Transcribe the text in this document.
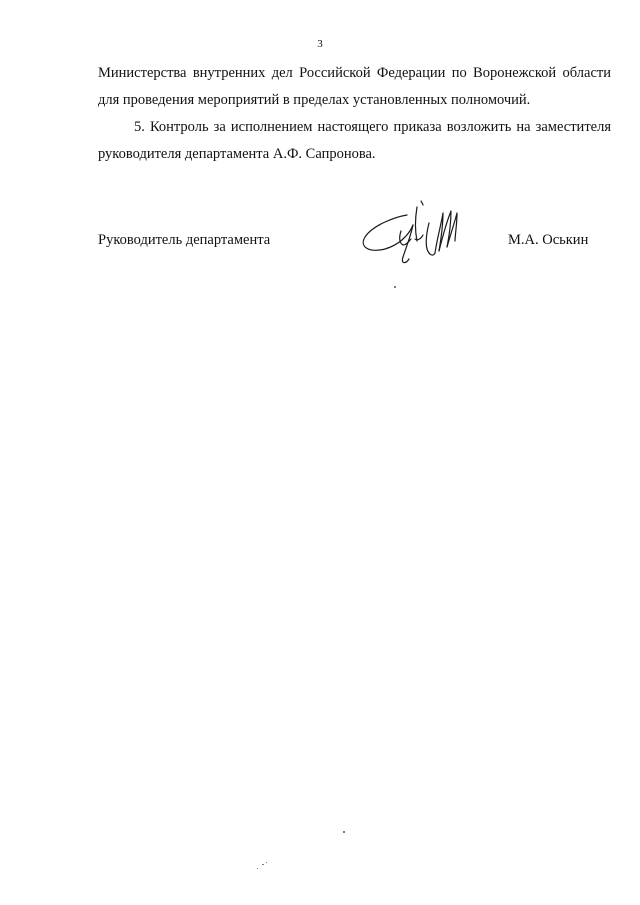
3

Министерства внутренних дел Российской Федерации по Воронежской области для проведения мероприятий в пределах установленных полномочий.

5. Контроль за исполнением настоящего приказа возложить на заместителя руководителя департамента А.Ф. Сапронова.

Руководитель департамента	М.А. Оськин
